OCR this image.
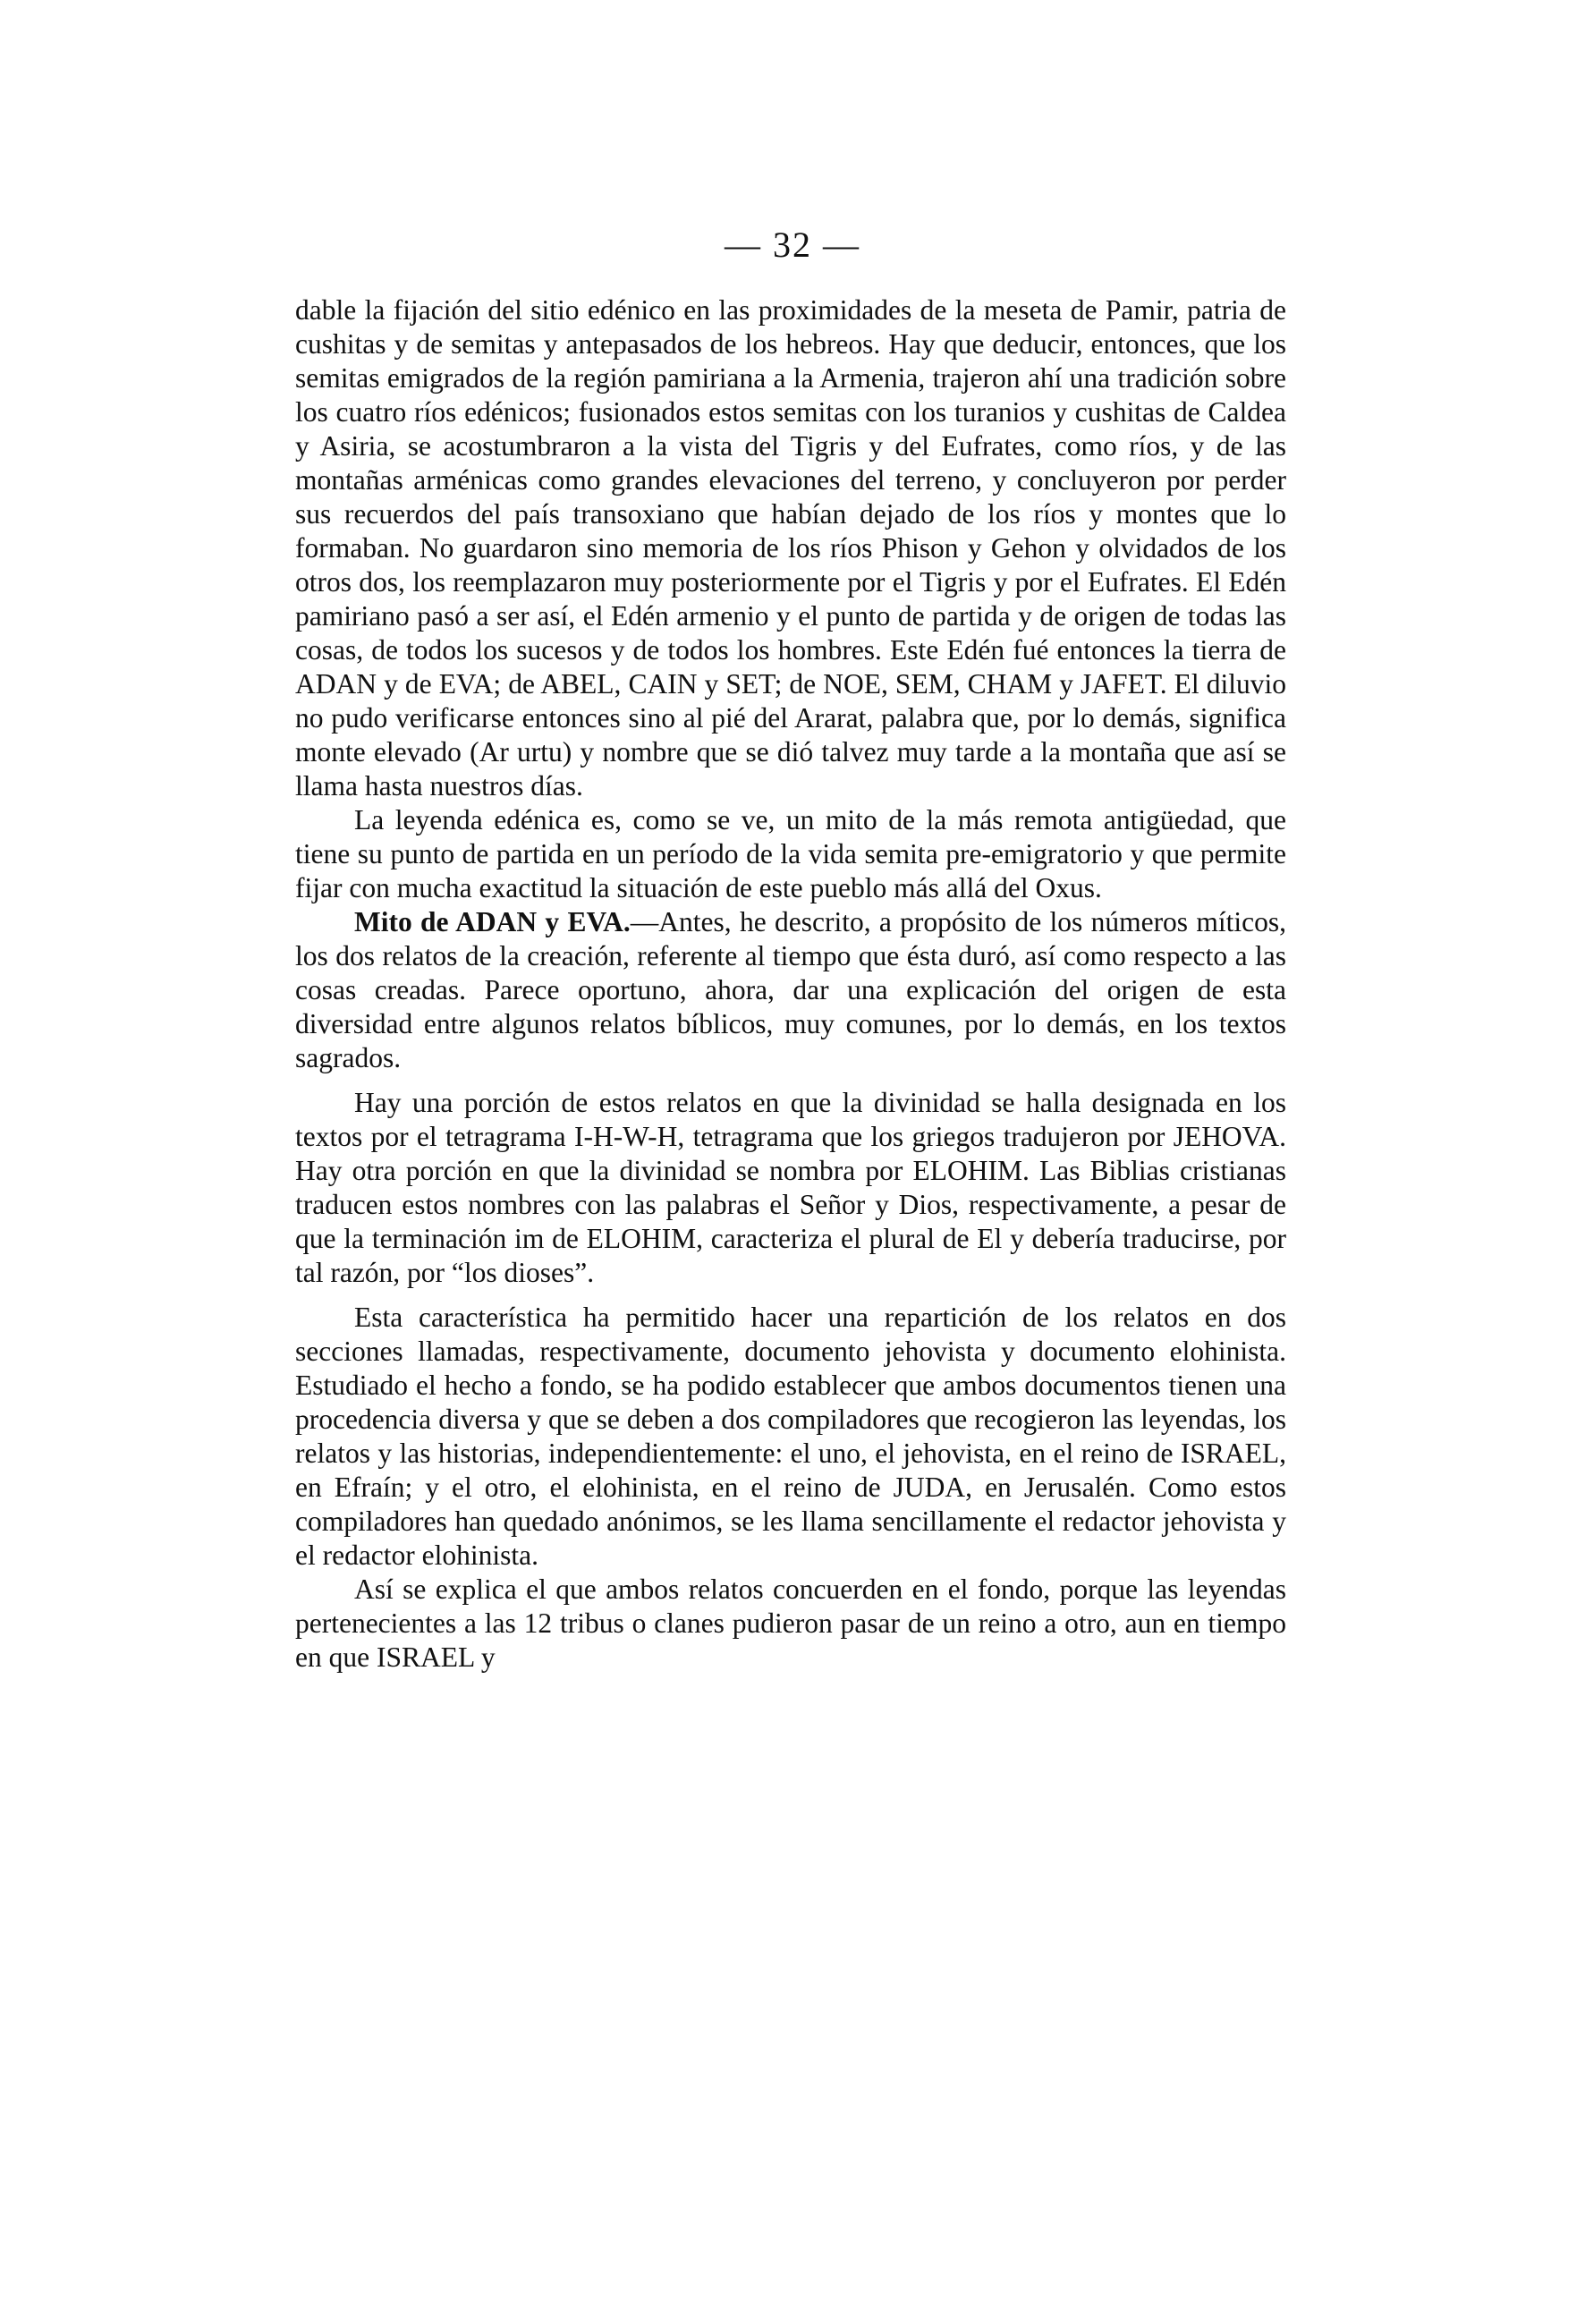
— 32 —

dable la fijación del sitio edénico en las proximidades de la meseta de Pamir, patria de cushitas y de semitas y antepasados de los hebreos. Hay que deducir, entonces, que los semitas emigrados de la región pamiriana a la Armenia, trajeron ahí una tradición sobre los cuatro ríos edénicos; fusionados estos semitas con los turanios y cushitas de Caldea y Asiria, se acostumbraron a la vista del Tigris y del Eufrates, como ríos, y de las montañas arménicas como grandes elevaciones del terreno, y concluyeron por perder sus recuerdos del país transoxiano que habían dejado de los ríos y montes que lo formaban. No guardaron sino memoria de los ríos Phison y Gehon y olvidados de los otros dos, los reemplazaron muy posteriormente por el Tigris y por el Eufrates. El Edén pamiriano pasó a ser así, el Edén armenio y el punto de partida y de origen de todas las cosas, de todos los sucesos y de todos los hombres. Este Edén fué entonces la tierra de ADAN y de EVA; de ABEL, CAIN y SET; de NOE, SEM, CHAM y JAFET. El diluvio no pudo verificarse entonces sino al pié del Ararat, palabra que, por lo demás, significa monte elevado (Ar urtu) y nombre que se dió talvez muy tarde a la montaña que así se llama hasta nuestros días.

La leyenda edénica es, como se ve, un mito de la más remota antigüedad, que tiene su punto de partida en un período de la vida semita pre-emigratorio y que permite fijar con mucha exactitud la situación de este pueblo más allá del Oxus.

Mito de ADAN y EVA.—Antes, he descrito, a propósito de los números míticos, los dos relatos de la creación, referente al tiempo que ésta duró, así como respecto a las cosas creadas. Parece oportuno, ahora, dar una explicación del origen de esta diversidad entre algunos relatos bíblicos, muy comunes, por lo demás, en los textos sagrados.

Hay una porción de estos relatos en que la divinidad se halla designada en los textos por el tetragrama I-H-W-H, tetragrama que los griegos tradujeron por JEHOVA. Hay otra porción en que la divinidad se nombra por ELOHIM. Las Biblias cristianas traducen estos nombres con las palabras el Señor y Dios, respectivamente, a pesar de que la terminación im de ELOHIM, caracteriza el plural de El y debería traducirse, por tal razón, por “los dioses”.

Esta característica ha permitido hacer una repartición de los relatos en dos secciones llamadas, respectivamente, documento jehovista y documento elohinista. Estudiado el hecho a fondo, se ha podido establecer que ambos documentos tienen una procedencia diversa y que se deben a dos compiladores que recogieron las leyendas, los relatos y las historias, independientemente: el uno, el jehovista, en el reino de ISRAEL, en Efraín; y el otro, el elohinista, en el reino de JUDA, en Jerusalén. Como estos compiladores han quedado anónimos, se les llama sencillamente el redactor jehovista y el redactor elohinista.

Así se explica el que ambos relatos concuerden en el fondo, porque las leyendas pertenecientes a las 12 tribus o clanes pudieron pasar de un reino a otro, aun en tiempo en que ISRAEL y
